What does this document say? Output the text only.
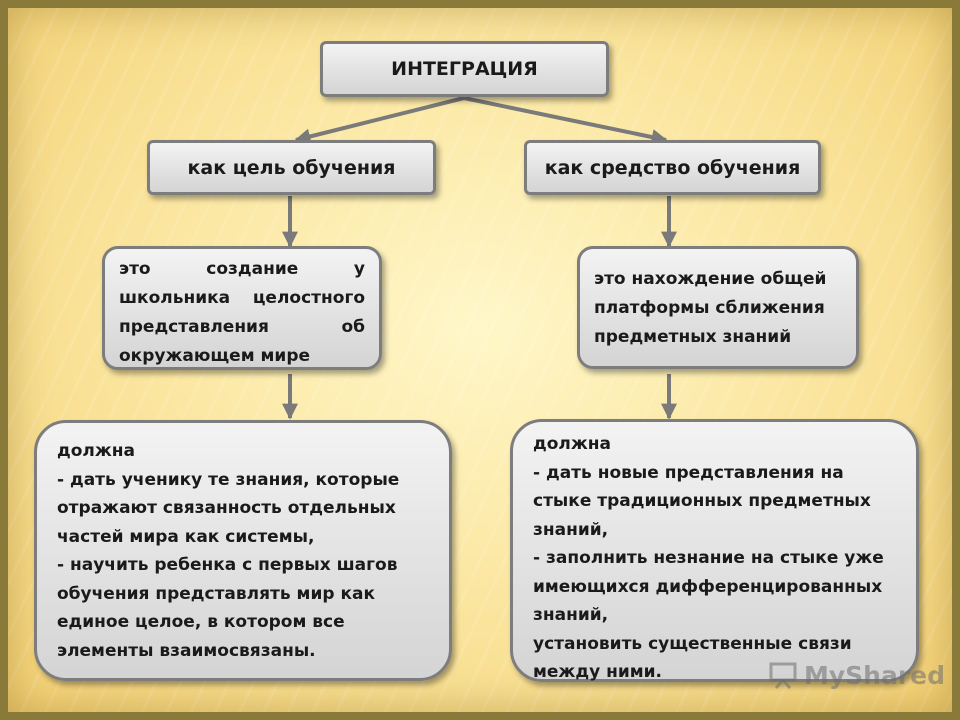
ИНТЕГРАЦИЯ
как цель обучения	как средство обучения
это создание у школьника целостного представления об окружающем мире
это нахождение общей платформы сближения предметных знаний
должна
- дать ученику те знания, которые отражают связанность отдельных частей мира как системы,
- научить ребенка с первых шагов обучения представлять мир как единое целое, в котором все элементы взаимосвязаны.
должна
- дать новые представления на стыке традиционных предметных знаний,
- заполнить незнание на стыке уже имеющихся дифференцированных знаний,
установить существенные связи между ними.	MyShared
